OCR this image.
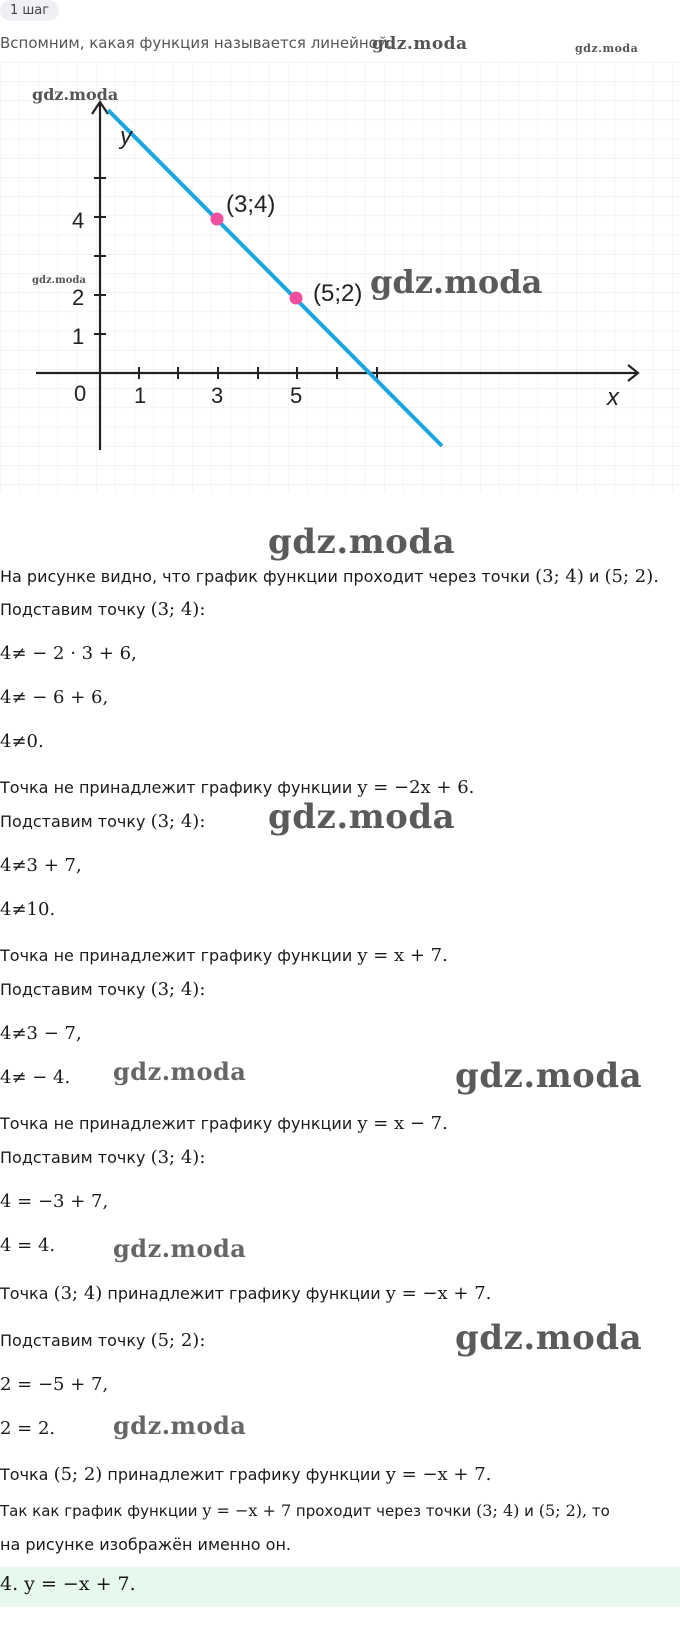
1 шаг
Вспомним, какая функция называется линейной.
y
x
0 1	3	5
4
2
1
(3;4)
(5;2)
gdz.moda
gdz.moda	gdz.moda
gdz.moda	gdz.moda
gdz.moda
На рисунке видно, что график функции проходит через точки (3; 4) и (5; 2).
Подставим точку (3; 4):
4≠ − 2 · 3 + 6,
4≠ − 6 + 6,
4≠0.
Точка не принадлежит графику функции y = −2x + 6.
Подставим точку (3; 4): gdz.moda
4≠3 + 7,
4≠10.
Точка не принадлежит графику функции y = x + 7.
Подставим точку (3; 4):
4≠3 − 7,
4≠ − 4. gdz.moda	gdz.moda
Точка не принадлежит графику функции y = x − 7.
Подставим точку (3; 4):
4 = −3 + 7,
4 = 4. gdz.moda
Точка (3; 4) принадлежит графику функции y = −x + 7.
Подставим точку (5; 2):	gdz.moda
2 = −5 + 7,
2 = 2. gdz.moda
Точка (5; 2) принадлежит графику функции y = −x + 7.
Так как график функции y = −x + 7 проходит через точки (3; 4) и (5; 2), то
на рисунке изображён именно он.
4. y = −x + 7.
